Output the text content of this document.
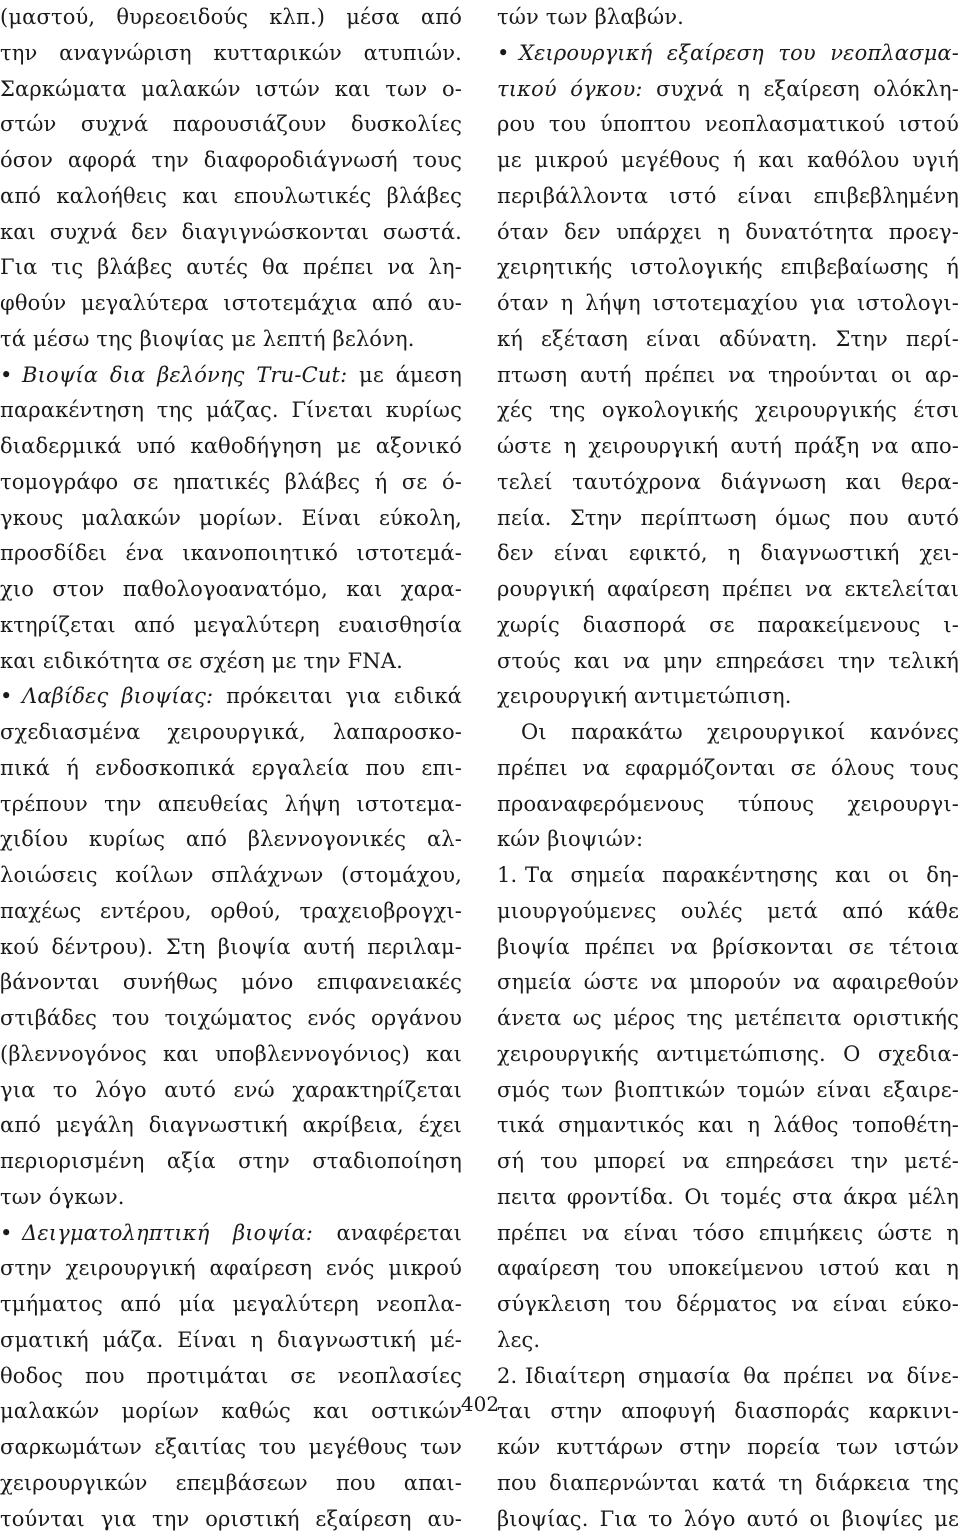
(μαστού, θυρεοειδούς κλπ.) μέσα από
την αναγνώριση κυτταρικών ατυπιών.
Σαρκώματα μαλακών ιστών και των ο-
στών συχνά παρουσιάζουν δυσκολίες
όσον αφορά την διαφοροδιάγνωσή τους
από καλοήθεις και επουλωτικές βλάβες
και συχνά δεν διαγιγνώσκονται σωστά.
Για τις βλάβες αυτές θα πρέπει να λη-
φθούν μεγαλύτερα ιστοτεμάχια από αυ-
τά μέσω της βιοψίας με λεπτή βελόνη.
• Βιοψία δια βελόνης Tru-Cut: με άμεση
παρακέντηση της μάζας. Γίνεται κυρίως
διαδερμικά υπό καθοδήγηση με αξονικό
τομογράφο σε ηπατικές βλάβες ή σε ό-
γκους μαλακών μορίων. Είναι εύκολη,
προσδίδει ένα ικανοποιητικό ιστοτεμά-
χιο στον παθολογοανατόμο, και χαρα-
κτηρίζεται από μεγαλύτερη ευαισθησία
και ειδικότητα σε σχέση με την FNA.
• Λαβίδες βιοψίας: πρόκειται για ειδικά
σχεδιασμένα χειρουργικά, λαπαροσκο-
πικά ή ενδοσκοπικά εργαλεία που επι-
τρέπουν την απευθείας λήψη ιστοτεμα-
χιδίου κυρίως από βλεννογονικές αλ-
λοιώσεις κοίλων σπλάχνων (στομάχου,
παχέως εντέρου, ορθού, τραχειοβρογχι-
κού δέντρου). Στη βιοψία αυτή περιλαμ-
βάνονται συνήθως μόνο επιφανειακές
στιβάδες του τοιχώματος ενός οργάνου
(βλεννογόνος και υποβλεννογόνιος) και
για το λόγο αυτό ενώ χαρακτηρίζεται
από μεγάλη διαγνωστική ακρίβεια, έχει
περιορισμένη αξία στην σταδιοποίηση
των όγκων.
• Δειγματοληπτική βιοψία: αναφέρεται
στην χειρουργική αφαίρεση ενός μικρού
τμήματος από μία μεγαλύτερη νεοπλα-
σματική μάζα. Είναι η διαγνωστική μέ-
θοδος που προτιμάται σε νεοπλασίες
μαλακών μορίων καθώς και οστικών
σαρκωμάτων εξαιτίας του μεγέθους των
χειρουργικών επεμβάσεων που απαι-
τούνται για την οριστική εξαίρεση αυ-
τών των βλαβών.
• Χειρουργική εξαίρεση του νεοπλασμα-
τικού όγκου: συχνά η εξαίρεση ολόκλη-
ρου του ύποπτου νεοπλασματικού ιστού
με μικρού μεγέθους ή και καθόλου υγιή
περιβάλλοντα ιστό είναι επιβεβλημένη
όταν δεν υπάρχει η δυνατότητα προεγ-
χειρητικής ιστολογικής επιβεβαίωσης ή
όταν η λήψη ιστοτεμαχίου για ιστολογι-
κή εξέταση είναι αδύνατη. Στην περί-
πτωση αυτή πρέπει να τηρούνται οι αρ-
χές της ογκολογικής χειρουργικής έτσι
ώστε η χειρουργική αυτή πράξη να απο-
τελεί ταυτόχρονα διάγνωση και θερα-
πεία. Στην περίπτωση όμως που αυτό
δεν είναι εφικτό, η διαγνωστική χει-
ρουργική αφαίρεση πρέπει να εκτελείται
χωρίς διασπορά σε παρακείμενους ι-
στούς και να μην επηρεάσει την τελική
χειρουργική αντιμετώπιση.
Οι παρακάτω χειρουργικοί κανόνες
πρέπει να εφαρμόζονται σε όλους τους
προαναφερόμενους τύπους χειρουργι-
κών βιοψιών:
1. Τα σημεία παρακέντησης και οι δη-
μιουργούμενες ουλές μετά από κάθε
βιοψία πρέπει να βρίσκονται σε τέτοια
σημεία ώστε να μπορούν να αφαιρεθούν
άνετα ως μέρος της μετέπειτα οριστικής
χειρουργικής αντιμετώπισης. Ο σχεδια-
σμός των βιοπτικών τομών είναι εξαιρε-
τικά σημαντικός και η λάθος τοποθέτη-
σή του μπορεί να επηρεάσει την μετέ-
πειτα φροντίδα. Οι τομές στα άκρα μέλη
πρέπει να είναι τόσο επιμήκεις ώστε η
αφαίρεση του υποκείμενου ιστού και η
σύγκλειση του δέρματος να είναι εύκο-
λες.
2. Ιδιαίτερη σημασία θα πρέπει να δίνε-
ται στην αποφυγή διασποράς καρκινι-
κών κυττάρων στην πορεία των ιστών
που διαπερνώνται κατά τη διάρκεια της
βιοψίας. Για το λόγο αυτό οι βιοψίες με
402
